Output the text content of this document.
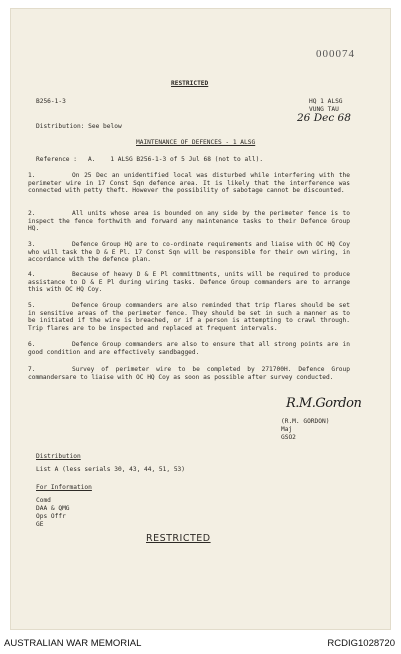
000074
RESTRICTED
B256-1-3	HQ 1 ALSG
VUNG TAU
26 Dec 68
Distribution: See below
MAINTENANCE OF DEFENCES - 1 ALSG
Reference : A.    1 ALSG B256-1-3 of 5 Jul 68 (not to all).
1.	On 25 Dec an unidentified local was disturbed while interfering with the perimeter wire in 17 Const Sqn defence area. It is likely that the interference was connected with petty theft. However the possibility of sabotage cannot be discounted.
2.	All units whose area is bounded on any side by the perimeter fence is to inspect the fence forthwith and forward any maintenance tasks to their Defence Group HQ.
3.	Defence Group HQ are to co-ordinate requirements and liaise with OC HQ Coy who will task the D & E Pl. 17 Const Sqn will be responsible for their own wiring, in accordance with the defence plan.
4.	Because of heavy D & E Pl committments, units will be required to produce assistance to D & E Pl during wiring tasks. Defence Group commanders are to arrange this with OC HQ Coy.
5.	Defence Group commanders are also reminded that trip flares should be set in sensitive areas of the perimeter fence. They should be set in such a manner as to be initiated if the wire is breached, or if a person is attempting to crawl through. Trip flares are to be inspected and replaced at frequent intervals.
6.	Defence Group commanders are also to ensure that all strong points are in good condition and are effectively sandbagged.
7.	Survey of perimeter wire to be completed by 271700H. Defence Group commandersare to liaise with OC HQ Coy as soon as possible after survey conducted.
R.M.Gordon
(R.M. GORDON)
Maj
GSO2
Distribution
List A (less serials 30, 43, 44, 51, 53)
For Information
Comd
DAA & QMG
Ops Offr
GE
RESTRICTED
AUSTRALIAN WAR MEMORIAL	RCDIG1028720
